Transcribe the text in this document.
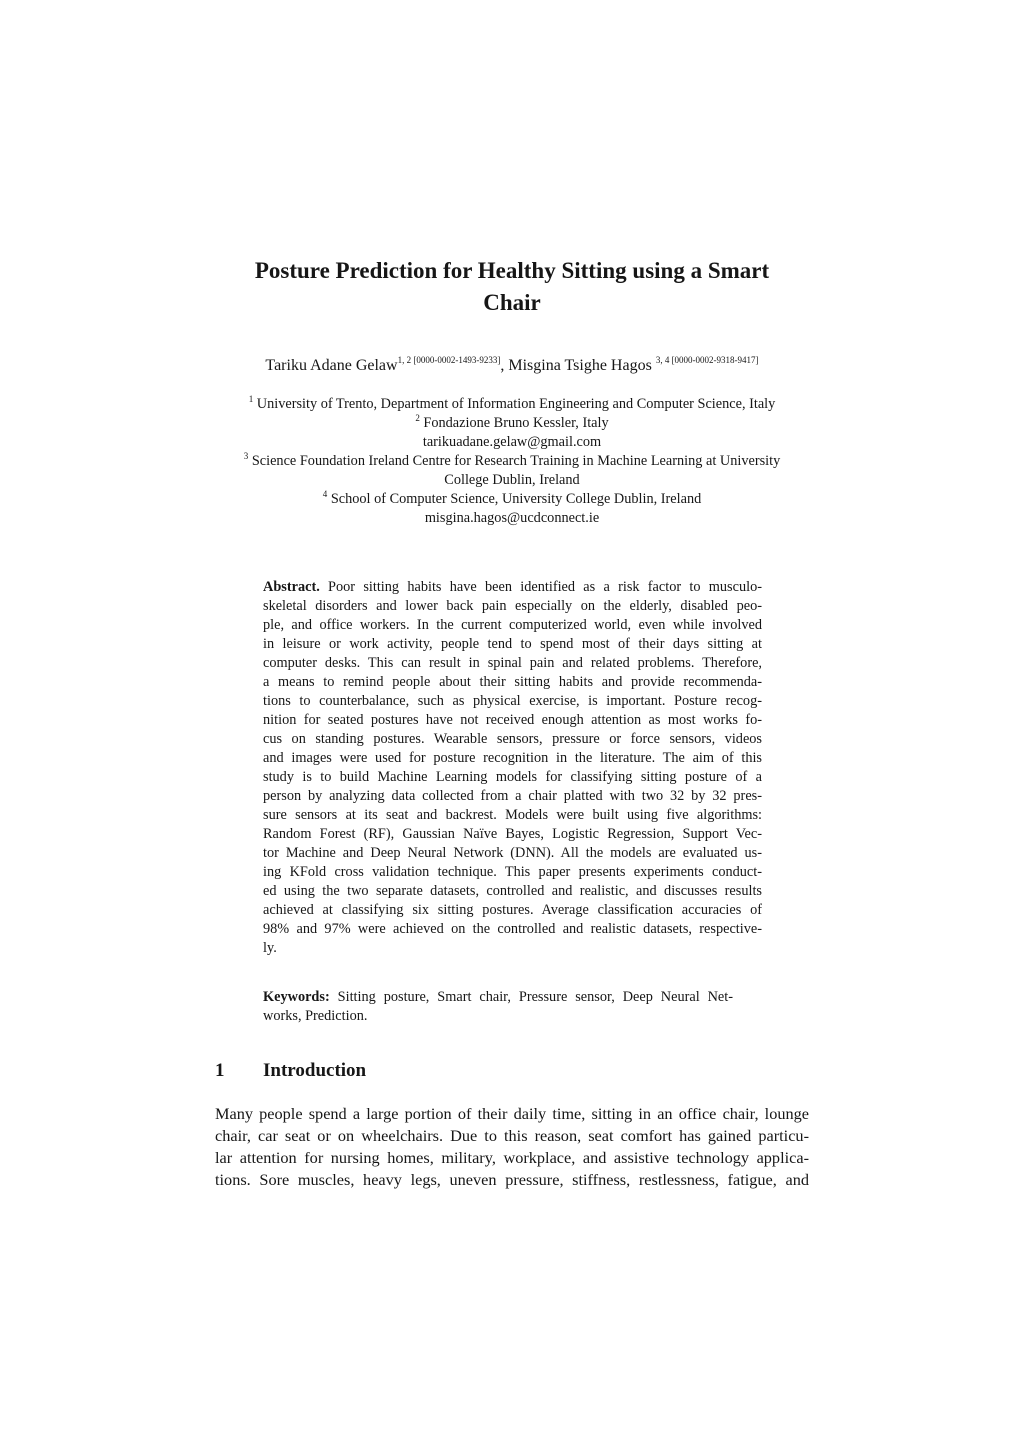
Posture Prediction for Healthy Sitting using a Smart
Chair
Tariku Adane Gelaw$^{1, 2 [0000-0002-1493-9233]}$, Misgina Tsighe Hagos $^{3, 4 [0000-0002-9318-9417]}$
$^1$ University of Trento, Department of Information Engineering and Computer Science, Italy
$^2$ Fondazione Bruno Kessler, Italy
tarikuadane.gelaw@gmail.com
$^3$ Science Foundation Ireland Centre for Research Training in Machine Learning at University
College Dublin, Ireland
$^4$ School of Computer Science, University College Dublin, Ireland
misgina.hagos@ucdconnect.ie
Abstract. Poor sitting habits have been identified as a risk factor to musculo-
skeletal disorders and lower back pain especially on the elderly, disabled peo-
ple, and office workers. In the current computerized world, even while involved
in leisure or work activity, people tend to spend most of their days sitting at
computer desks. This can result in spinal pain and related problems. Therefore,
a means to remind people about their sitting habits and provide recommenda-
tions to counterbalance, such as physical exercise, is important. Posture recog-
nition for seated postures have not received enough attention as most works fo-
cus on standing postures. Wearable sensors, pressure or force sensors, videos
and images were used for posture recognition in the literature. The aim of this
study is to build Machine Learning models for classifying sitting posture of a
person by analyzing data collected from a chair platted with two 32 by 32 pres-
sure sensors at its seat and backrest. Models were built using five algorithms:
Random Forest (RF), Gaussian Naïve Bayes, Logistic Regression, Support Vec-
tor Machine and Deep Neural Network (DNN). All the models are evaluated us-
ing KFold cross validation technique. This paper presents experiments conduct-
ed using the two separate datasets, controlled and realistic, and discusses results
achieved at classifying six sitting postures. Average classification accuracies of
98% and 97% were achieved on the controlled and realistic datasets, respective-
ly.
Keywords: Sitting posture, Smart chair, Pressure sensor, Deep Neural Net-
works, Prediction.
1 Introduction
Many people spend a large portion of their daily time, sitting in an office chair, lounge
chair, car seat or on wheelchairs. Due to this reason, seat comfort has gained particu-
lar attention for nursing homes, military, workplace, and assistive technology applica-
tions. Sore muscles, heavy legs, uneven pressure, stiffness, restlessness, fatigue, and
